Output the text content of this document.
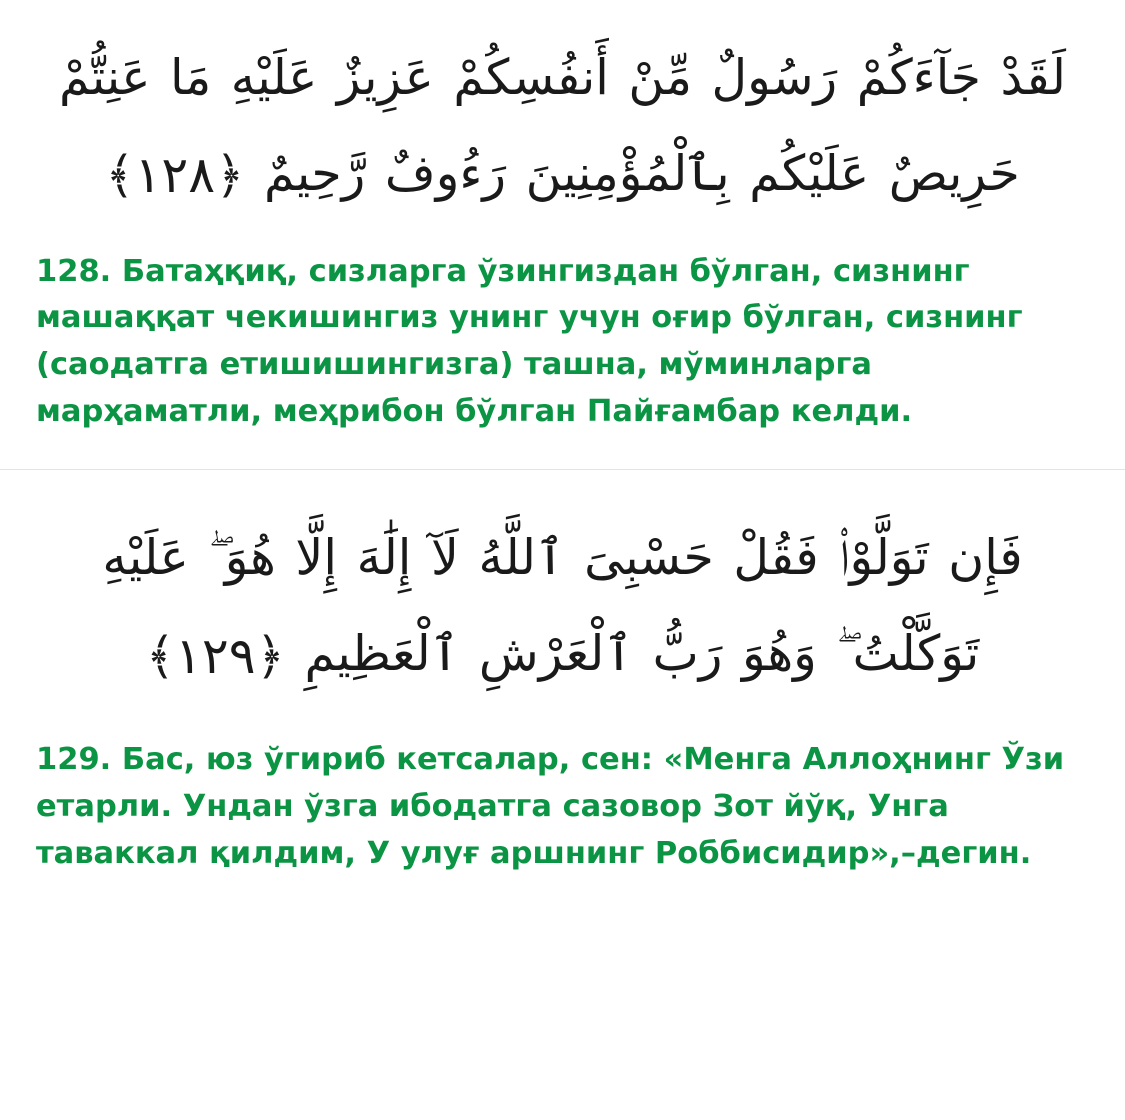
لَقَدْ جَآءَكُمْ رَسُولٌ مِّنْ أَنفُسِكُمْ عَزِيزٌ عَلَيْهِ مَا عَنِتُّمْ حَرِيصٌ عَلَيْكُم بِٱلْمُؤْمِنِينَ رَءُوفٌ رَّحِيمٌ ﴿۱۲۸﴾
128. Батаҳқиқ, сизларга ўзингиздан бўлган, сизнинг машаққат чекишингиз унинг учун оғир бўлган, сизнинг (саодатга етишишингизга) ташна, мўминларга марҳаматли, меҳрибон бўлган Пайғамбар келди.
فَإِن تَوَلَّوْا۟ فَقُلْ حَسْبِىَ ٱللَّهُ لَآ إِلَٰهَ إِلَّا هُوَ ۖ عَلَيْهِ تَوَكَّلْتُ ۖ وَهُوَ رَبُّ ٱلْعَرْشِ ٱلْعَظِيمِ ﴿۱۲۹﴾
129. Бас, юз ўгириб кетсалар, сен: «Менга Аллоҳнинг Ўзи етарли. Ундан ўзга ибодатга сазовор Зот йўқ, Унга таваккал қилдим, У улуғ аршнинг Роббисидир»,–дегин.
